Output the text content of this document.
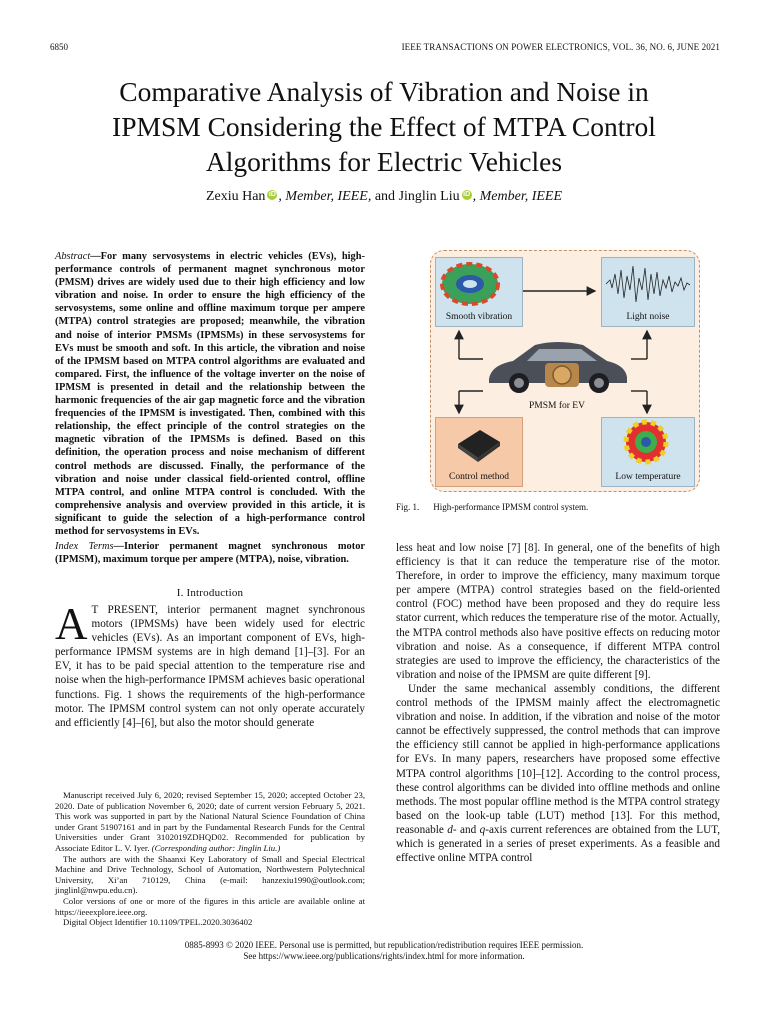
6850	IEEE TRANSACTIONS ON POWER ELECTRONICS, VOL. 36, NO. 6, JUNE 2021
Comparative Analysis of Vibration and Noise in
IPMSM Considering the Effect of MTPA Control
Algorithms for Electric Vehicles
Zexiu Han iD , Member, IEEE, and Jinglin Liu iD , Member, IEEE
Abstract—For many servosystems in electric vehicles (EVs), high-performance controls of permanent magnet synchronous motor (PMSM) drives are widely used due to their high efficiency and low vibration and noise. In order to ensure the high efficiency of the servosystems, some online and offline maximum torque per ampere (MTPA) control strategies are proposed; meanwhile, the vibration and noise of interior PMSMs (IPMSMs) in these servosystems for EVs must be smooth and soft. In this article, the vibration and noise of the IPMSM based on MTPA control algorithms are evaluated and compared. First, the influence of the voltage inverter on the noise of IPMSM is presented in detail and the relationship between the harmonic frequencies of the air gap magnetic force and the vibration frequencies of the IPMSM is investigated. Then, combined with this relationship, the effect principle of the control strategies on the magnetic vibration of the IPMSMs is defined. Based on this definition, the operation process and noise mechanism of different control methods are discussed. Finally, the performance of the vibration and noise under classical field-oriented control, offline MTPA control, and online MTPA control is concluded. With the comprehensive analysis and overview provided in this article, it is significant to guide the selection of a high-performance control method for servosystems in EVs.
Index Terms—Interior permanent magnet synchronous motor (IPMSM), maximum torque per ampere (MTPA), noise, vibration.
I. Introduction

A T PRESENT, interior permanent magnet synchronous motors (IPMSMs) have been widely used for electric vehicles (EVs). As an important component of EVs, high-performance IPMSM systems are in high demand [1]–[3]. For an EV, it has to be paid special attention to the temperature rise and noise when the high-performance IPMSM achieves basic operational functions. Fig. 1 shows the requirements of the high-performance motor. The IPMSM control system can not only operate accurately and efficiently [4]–[6], but also the motor should generate

Manuscript received July 6, 2020; revised September 15, 2020; accepted October 23, 2020. Date of publication November 6, 2020; date of current version February 5, 2021. This work was supported in part by the National Natural Science Foundation of China under Grant 51907161 and in part by the Fundamental Research Funds for the Central Universities under Grant 3102019ZDHQD02. Recommended for publication by Associate Editor L. V. Iyer. (Corresponding author: Jinglin Liu.)

The authors are with the Shaanxi Key Laboratory of Small and Special Electrical Machine and Drive Technology, School of Automation, Northwestern Polytechnical University, Xi’an 710129, China (e-mail: hanzexiu1990@outlook.com; jinglinl@nwpu.edu.cn).

Color versions of one or more of the figures in this article are available online at https://ieeexplore.ieee.org.

Digital Object Identifier 10.1109/TPEL.2020.3036402

Smooth vibration	Light noise
PMSM for EV
Control method	Low temperature
Fig. 1. High-performance IPMSM control system.

less heat and low noise [7] [8]. In general, one of the benefits of high efficiency is that it can reduce the temperature rise of the motor. Therefore, in order to improve the efficiency, many maximum torque per ampere (MTPA) control strategies based on the field-oriented control (FOC) method have been proposed and they do require less stator current, which reduces the temperature rise of the motor. Actually, the MTPA control methods also have positive effects on reducing motor vibration and noise. As a consequence, if different MTPA control strategies are used to improve the efficiency, the characteristics of the vibration and noise of the IPMSM are quite different [9].

Under the same mechanical assembly conditions, the different control methods of the IPMSM mainly affect the electromagnetic vibration and noise. In addition, if the vibration and noise of the motor cannot be effectively suppressed, the control methods that can improve the efficiency still cannot be applied in high-performance applications for EVs. In many papers, researchers have proposed some effective MTPA control algorithms [10]–[12]. According to the control process, these control algorithms can be divided into offline methods and online methods. The most popular offline method is the MTPA control strategy based on the look-up table (LUT) method [13]. For this method, reasonable d- and q-axis current references are obtained from the LUT, which is generated in a series of preset experiments. As a feasible and effective online MTPA control

0885-8993 © 2020 IEEE. Personal use is permitted, but republication/redistribution requires IEEE permission.
See https://www.ieee.org/publications/rights/index.html for more information.
